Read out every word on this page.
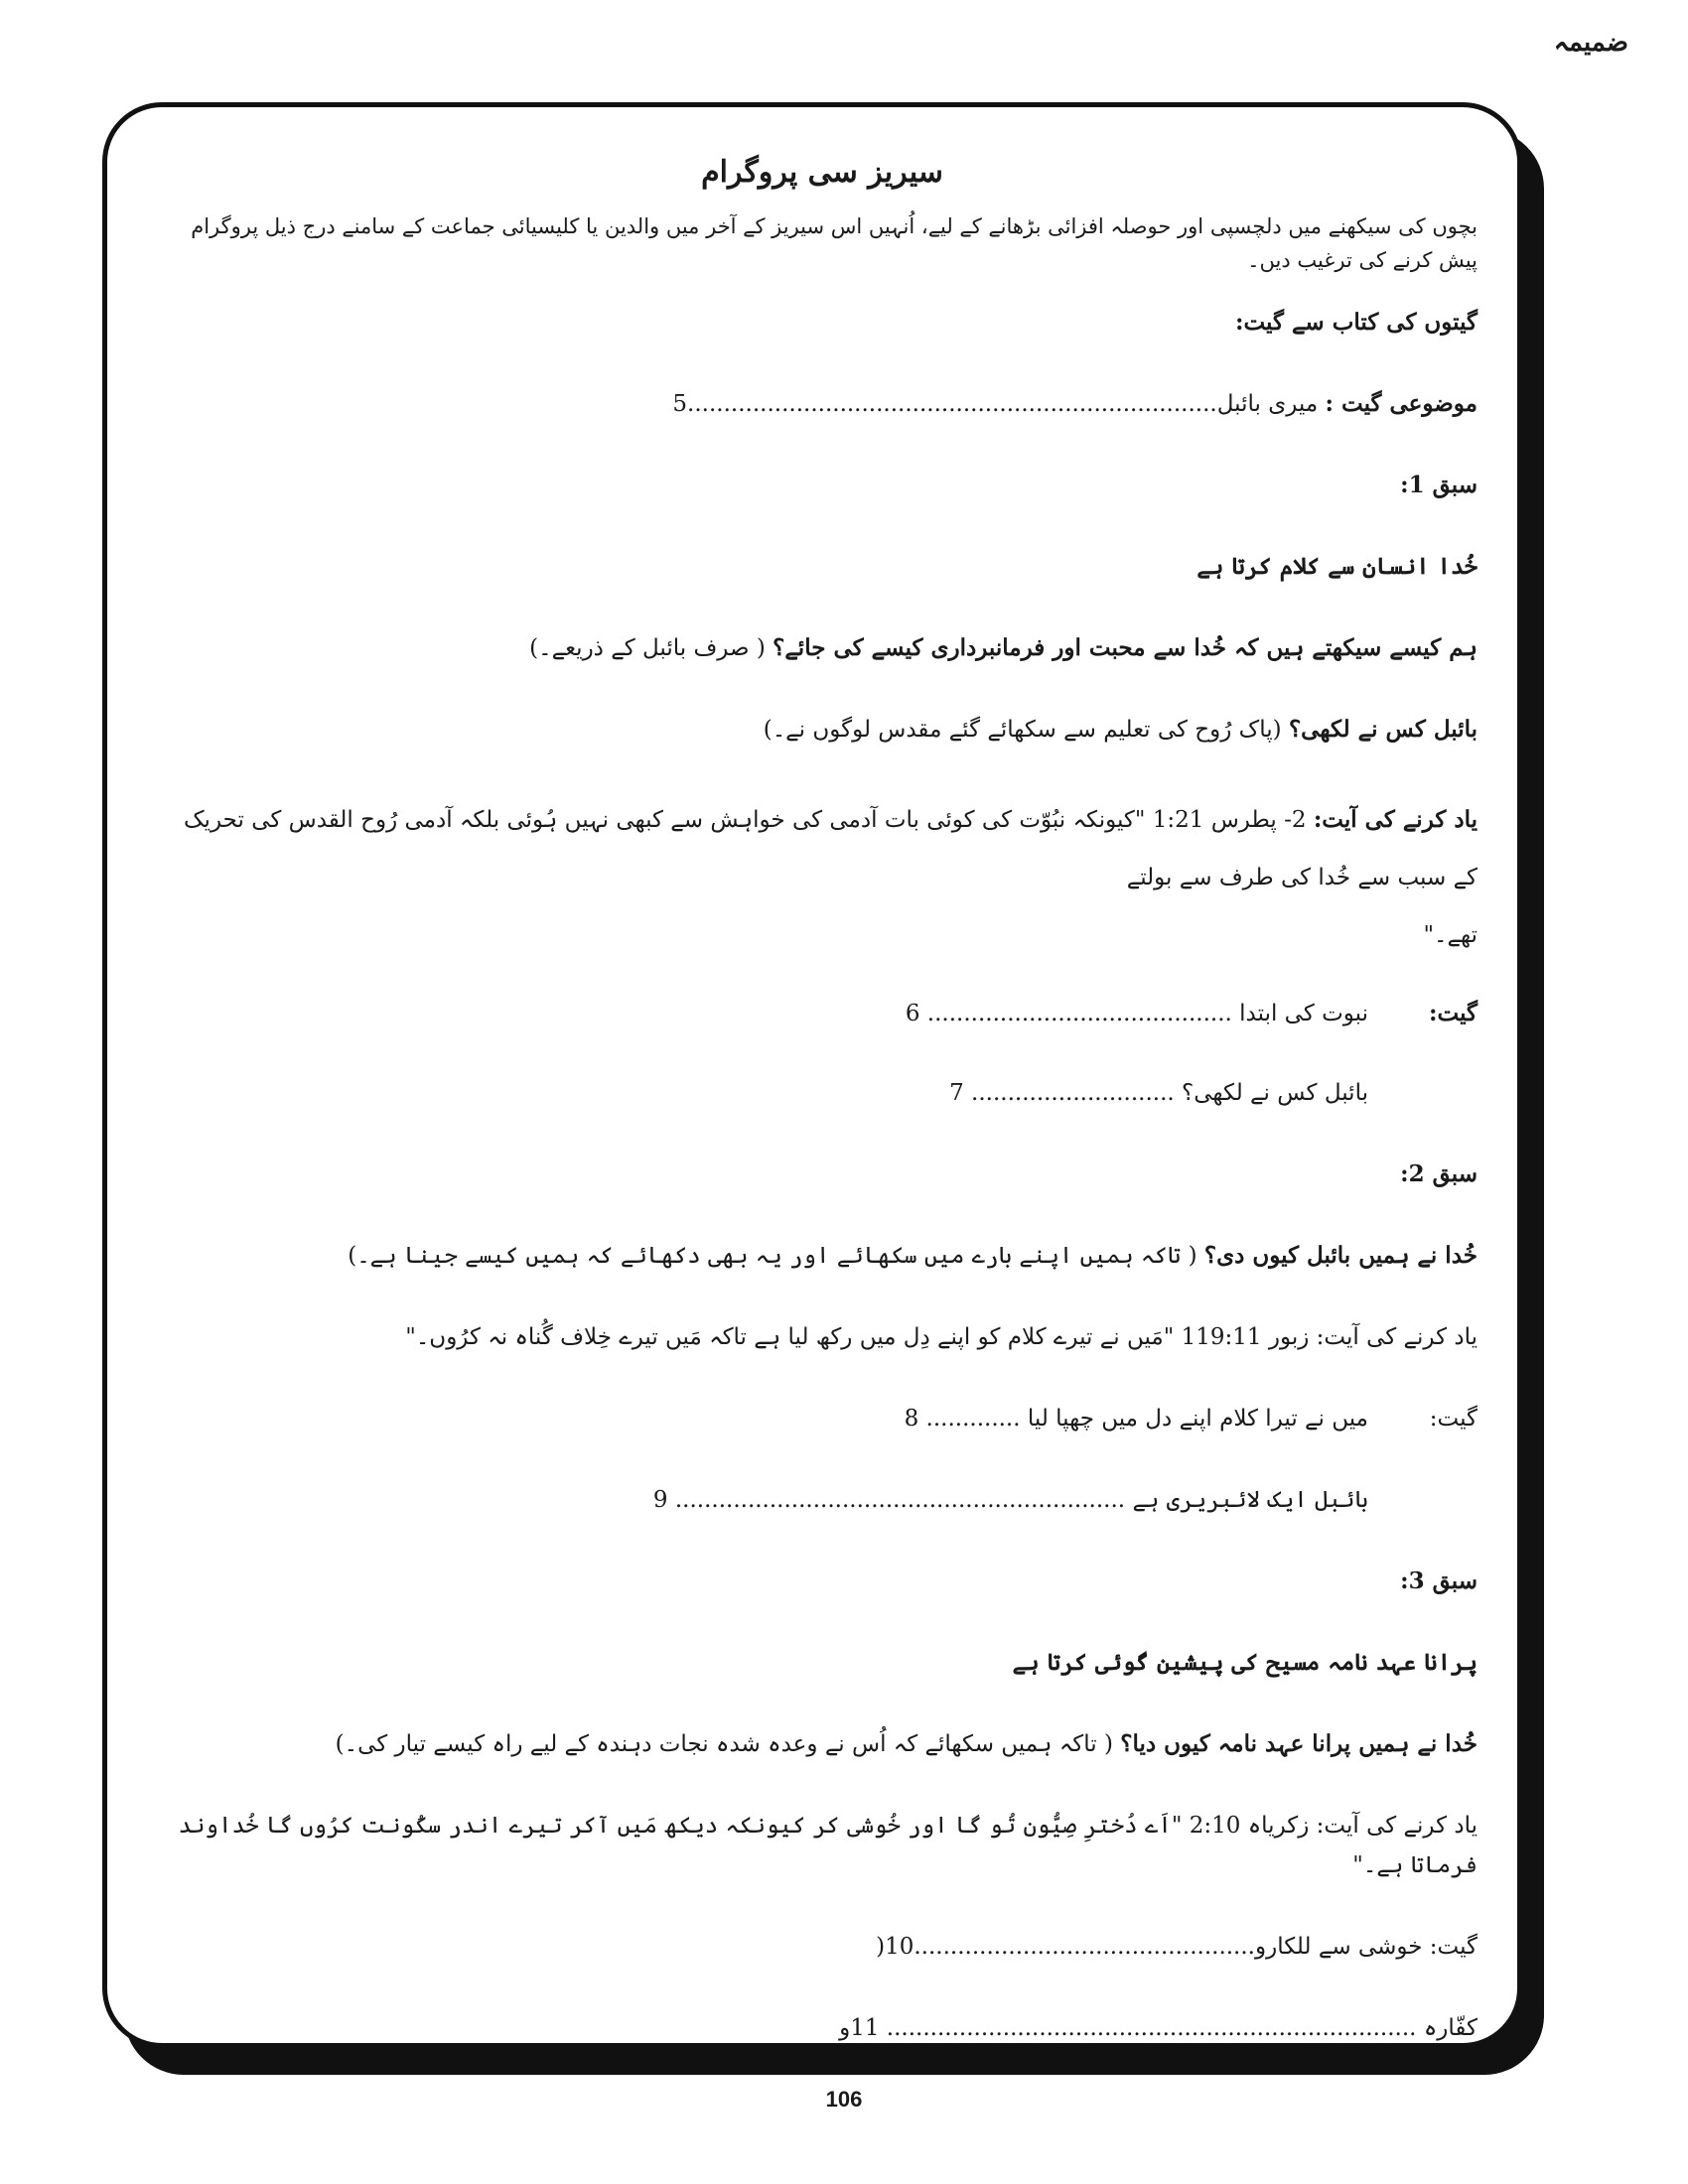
ضمیمہ
سیریز سی پروگرام

بچوں کی سیکھنے میں دلچسپی اور حوصلہ افزائی بڑھانے کے لیے، اُنہیں اس سیریز کے آخر میں والدین یا کلیسیائی جماعت کے سامنے درج ذیل پروگرام پیش کرنے کی ترغیب دیں۔

گیتوں کی کتاب سے گیت:

موضوعی گیت : میری بائبل.........................................................................5

سبق 1:

خُدا انسان سے کلام کرتا ہے

ہم کیسے سیکھتے ہیں کہ خُدا سے محبت اور فرمانبرداری کیسے کی جائے؟ ( صرف بائبل کے ذریعے۔)

بائبل کس نے لکھی؟ (پاک رُوح کی تعلیم سے سکھائے گئے مقدس لوگوں نے۔)

یاد کرنے کی آیت: 2- پطرس 1:21 "کیونکہ نبُوّت کی کوئی بات آدمی کی خواہش سے کبھی نہیں ہُوئی بلکہ آدمی رُوح القدس کی تحریک کے سبب سے خُدا کی طرف سے بولتے
تھے۔"

گیت:
نبوت کی ابتدا .......................................... 6
بائبل کس نے لکھی؟ ............................ 7

سبق 2:

خُدا نے ہمیں بائبل کیوں دی؟ ( تاکہ ہمیں اپنے بارے میں سکھائے اور یہ بھی دکھائے کہ ہمیں کیسے جینا ہے۔)

یاد کرنے کی آیت: زبور 119:11 "مَیں نے تیرے کلام کو اپنے دِل میں رکھ لیا ہے تاکہ مَیں تیرے خِلاف گُناہ نہ کرُوں۔"

گیت:
میں نے تیرا کلام اپنے دل میں چھپا لیا ............. 8
بائبل ایک لائبریری ہے .............................................................. 9

سبق 3:

پرانا عہد نامہ مسیح کی پیشین گوئی کرتا ہے

خُدا نے ہمیں پرانا عہد نامہ کیوں دیا؟ ( تاکہ ہمیں سکھائے کہ اُس نے وعدہ شدہ نجات دہندہ کے لیے راہ کیسے تیار کی۔)

یاد کرنے کی آیت: زکریاہ 2:10 "اَے دُخترِ صِیُّون تُو گا اور خُوشی کر کیونکہ دیکھ مَیں آکر تیرے اندر سکُونت کرُوں گا خُداوند فرماتا ہے۔"

گیت: خوشی سے للکارو...............................................10(

کفّارہ ......................................................................... 11و

106
